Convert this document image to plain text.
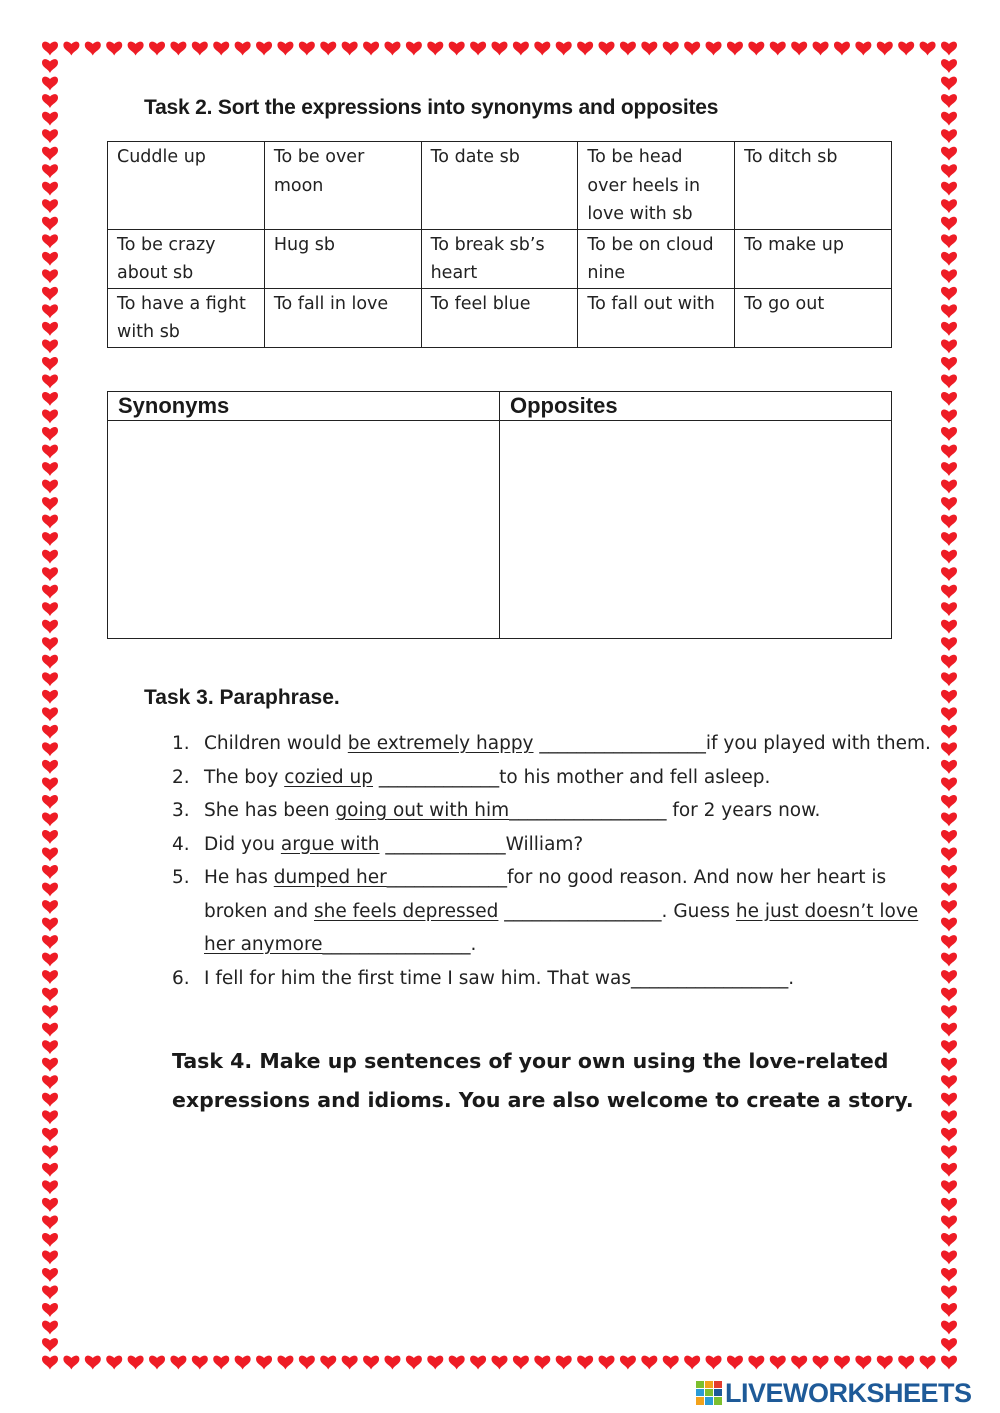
Task 2. Sort the expressions into synonyms and opposites
Cuddle up	To be over moon	To date sb	To be head over heels in love with sb	To ditch sb
To be crazy about sb	Hug sb	To break sb’s heart	To be on cloud nine	To make up
To have a fight with sb	To fall in love	To feel blue	To fall out with	To go out
Synonyms	Opposites

Task 3. Paraphrase.
1. Children would be extremely happy __________________if you played with them.
2. The boy cozied up _____________to his mother and fell asleep.
3. She has been going out with him_________________ for 2 years now.
4. Did you argue with _____________William?
5. He has dumped her_____________for no good reason. And now her heart is broken and she feels depressed _________________. Guess he just doesn’t love her anymore________________.
6. I fell for him the first time I saw him. That was_________________.

Task 4. Make up sentences of your own using the love-related expressions and idioms. You are also welcome to create a story.

LIVEWORKSHEETS
